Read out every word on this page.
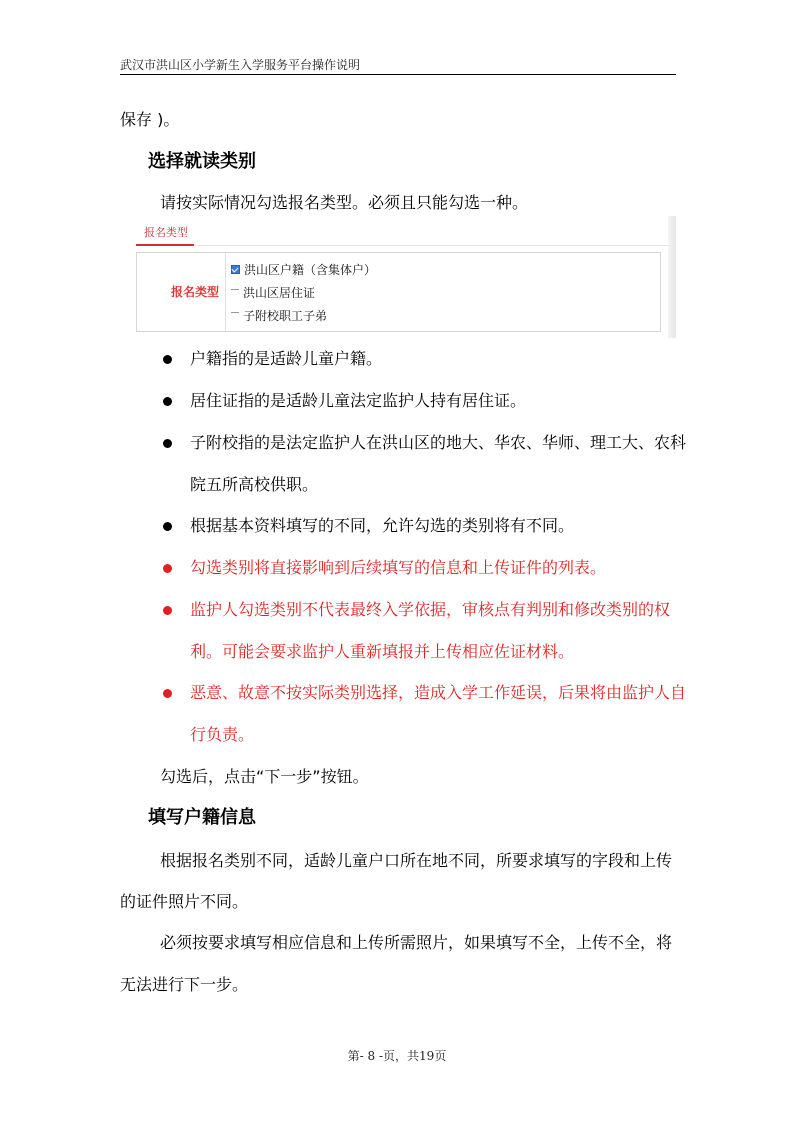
武汉市洪山区小学新生入学服务平台操作说明
保存 )。
选择就读类别
请按实际情况勾选报名类型。必须且只能勾选一种。
报名类型
报名类型
洪山区户籍（含集体户）
洪山区居住证
子附校职工子弟
户籍指的是适龄儿童户籍。
居住证指的是适龄儿童法定监护人持有居住证。
子附校指的是法定监护人在洪山区的地大、华农、华师、理工大、农科
院五所高校供职。
根据基本资料填写的不同，允许勾选的类别将有不同。
勾选类别将直接影响到后续填写的信息和上传证件的列表。
监护人勾选类别不代表最终入学依据，审核点有判别和修改类别的权
利。可能会要求监护人重新填报并上传相应佐证材料。
恶意、故意不按实际类别选择，造成入学工作延误，后果将由监护人自
行负责。
勾选后，点击“下一步”按钮。
填写户籍信息
根据报名类别不同，适龄儿童户口所在地不同，所要求填写的字段和上传
的证件照片不同。
必须按要求填写相应信息和上传所需照片，如果填写不全，上传不全，将
无法进行下一步。
第- 8 -页，共19页
